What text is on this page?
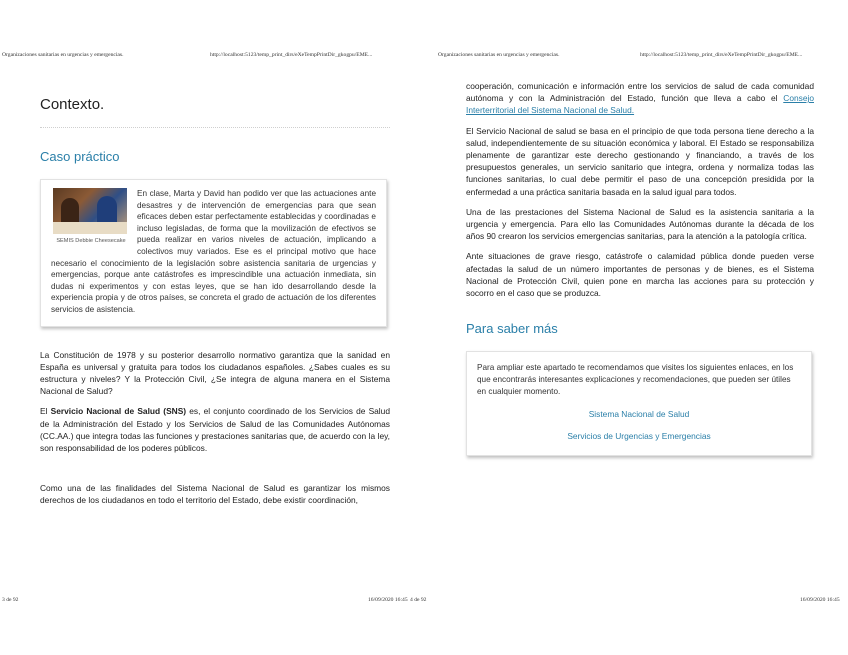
Organizaciones sanitarias en urgencias y emergencias.	http://localhost:5123/temp_print_dirs/eXeTempPrintDir_gkogpu/EME...	Organizaciones sanitarias en urgencias y emergencias.	http://localhost:5123/temp_print_dirs/eXeTempPrintDir_gkogpu/EME...
Contexto.
Caso práctico
SEMIS Debbie Cheesecake
En clase, Marta y David han podido ver que las actuaciones ante desastres y de intervención de emergencias para que sean eficaces deben estar perfectamente establecidas y coordinadas e incluso legisladas, de forma que la movilización de efectivos se pueda realizar en varios niveles de actuación, implicando a colectivos muy variados. Ese es el principal motivo que hace necesario el conocimiento de la legislación sobre asistencia sanitaria de urgencias y emergencias, porque ante catástrofes es imprescindible una actuación inmediata, sin dudas ni experimentos y con estas leyes, que se han ido desarrollando desde la experiencia propia y de otros países, se concreta el grado de actuación de los diferentes servicios de asistencia.

La Constitución de 1978 y su posterior desarrollo normativo garantiza que la sanidad en España es universal y gratuita para todos los ciudadanos españoles. ¿Sabes cuales es su estructura y niveles? Y la Protección Civil, ¿Se integra de alguna manera en el Sistema Nacional de Salud?

El Servicio Nacional de Salud (SNS) es, el conjunto coordinado de los Servicios de Salud de la Administración del Estado y los Servicios de Salud de las Comunidades Autónomas (CC.AA.) que integra todas las funciones y prestaciones sanitarias que, de acuerdo con la ley, son responsabilidad de los poderes públicos.

Como una de las finalidades del Sistema Nacional de Salud es garantizar los mismos derechos de los ciudadanos en todo el territorio del Estado, debe existir coordinación,

cooperación, comunicación e información entre los servicios de salud de cada comunidad autónoma y con la Administración del Estado, función que lleva a cabo el Consejo Interterritorial del Sistema Nacional de Salud.

El Servicio Nacional de salud se basa en el principio de que toda persona tiene derecho a la salud, independientemente de su situación económica y laboral. El Estado se responsabiliza plenamente de garantizar este derecho gestionando y financiando, a través de los presupuestos generales, un servicio sanitario que integra, ordena y normaliza todas las funciones sanitarias, lo cual debe permitir el paso de una concepción presidida por la enfermedad a una práctica sanitaria basada en la salud igual para todos.

Una de las prestaciones del Sistema Nacional de Salud es la asistencia sanitaria a la urgencia y emergencia. Para ello las Comunidades Autónomas durante la década de los años 90 crearon los servicios emergencias sanitarias, para la atención a la patología crítica.

Ante situaciones de grave riesgo, catástrofe o calamidad pública donde pueden verse afectadas la salud de un número importantes de personas y de bienes, es el Sistema Nacional de Protección Civil, quien pone en marcha las acciones para su protección y socorro en el caso que se produzca.

Para saber más
Para ampliar este apartado te recomendamos que visites los siguientes enlaces, en los que encontrarás interesantes explicaciones y recomendaciones, que pueden ser útiles en cualquier momento.
Sistema Nacional de Salud
Servicios de Urgencias y Emergencias
3 de 92	16/09/2020 16:45 4 de 92	16/09/2020 16:45
